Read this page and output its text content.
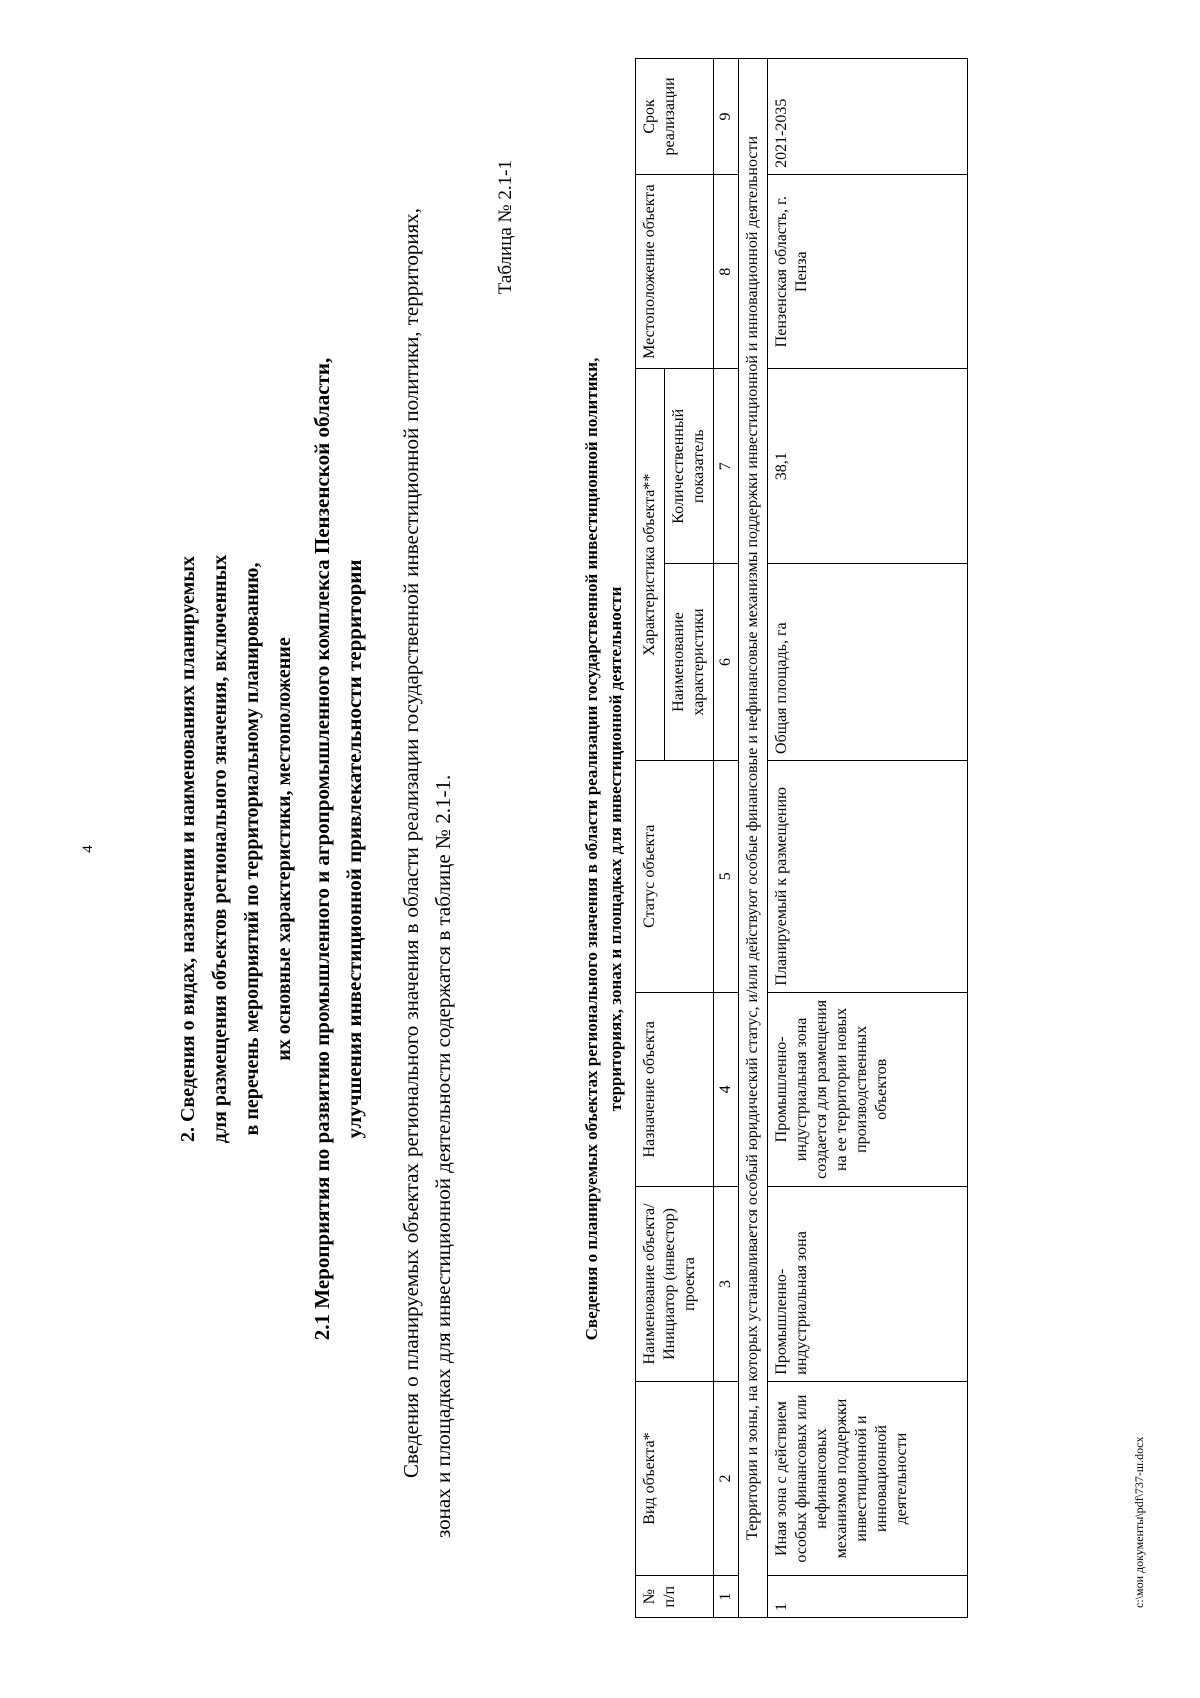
4	2. Сведения о видах, назначении и наименованиях планируемых для размещения объектов регионального значения, включенных в перечень мероприятий по территориальному планированию, их основные характеристики, местоположение 2.1 Мероприятия по развитию промышленного и агропромышленного комплекса Пензенской области, улучшения инвестиционной привлекательности территории Сведения о планируемых объектах регионального значения в области реализации государственной инвестиционной политики, территориях, зонах и площадках для инвестиционной деятельности содержатся в таблице № 2.1-1.
Таблица № 2.1-1
Сведения о планируемых объектах регионального значения в области реализации государственной инвестиционной политики, территориях, зонах и площадках для инвестиционной деятельности
№ п/п	Вид объекта*	Наименование объекта/ Инициатор (инвестор) проекта	Назначение объекта	Статус объекта	Характеристика объекта**		Местоположение объекта	Срок реализации
					Наименование характеристики	Количественный показатель		
1	2	3	4	5	6	7	8	9
Территории и зоны, на которых устанавливается особый юридический статус, и/или действуют особые финансовые и нефинансовые механизмы поддержки инвестиционной и инновационной деятельности								
1	Иная зона с действием особых финансовых или нефинансовых механизмов поддержки инвестиционной и инновационной деятельности	Промышленно-индустриальная зона	Промышленно-индустриальная зона создается для размещения на ее территории новых производственных объектов	Планируемый к размещению	Общая площадь, га	38,1	Пензенская область, г. Пенза	2021-2035
c:\мои документы\pdf\737-ш.docx
